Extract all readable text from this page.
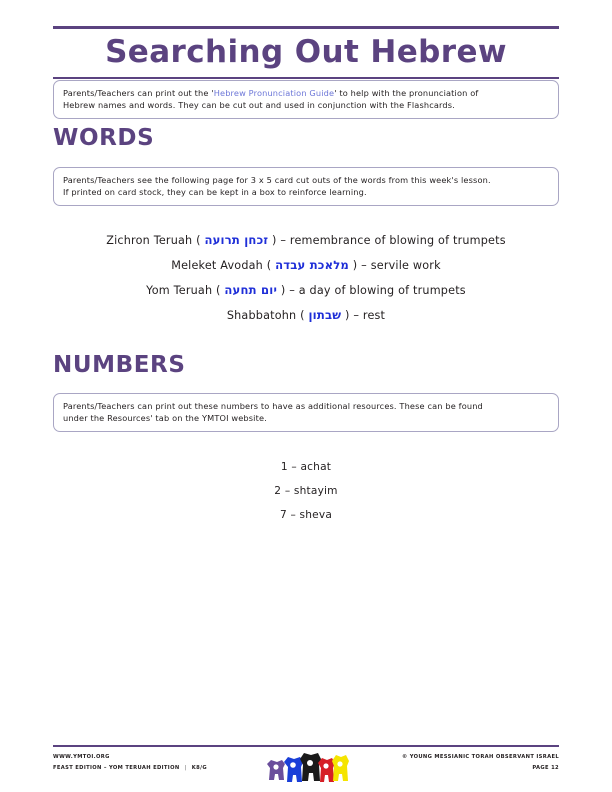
Searching Out Hebrew

Parents/Teachers can print out the 'Hebrew Pronunciation Guide' to help with the pronunciation of

Hebrew names and words. They can be cut out and used in conjunction with the Flashcards.

WORDS

Parents/Teachers see the following page for 3 x 5 card cut outs of the words from this week's lesson.

If printed on card stock, they can be kept in a box to reinforce learning.

Zichron Teruah ( זכחן תרועה ) – remembrance of blowing of trumpets
Meleket Avodah ( מלאכת עבדה ) – servile work
Yom Teruah ( יום תחעה ) – a day of blowing of trumpets
Shabbatohn ( שבתון ) – rest
NUMBERS

Parents/Teachers can print out these numbers to have as additional resources. These can be found

under the Resources' tab on the YMTOI website.

1 – achat
2 – shtayim
7 – sheva
WWW.YMTOI.ORG
FEAST EDITION – YOM TERUAH EDITION | K8/G
© YOUNG MESSIANIC TORAH OBSERVANT ISRAEL
PAGE 12
